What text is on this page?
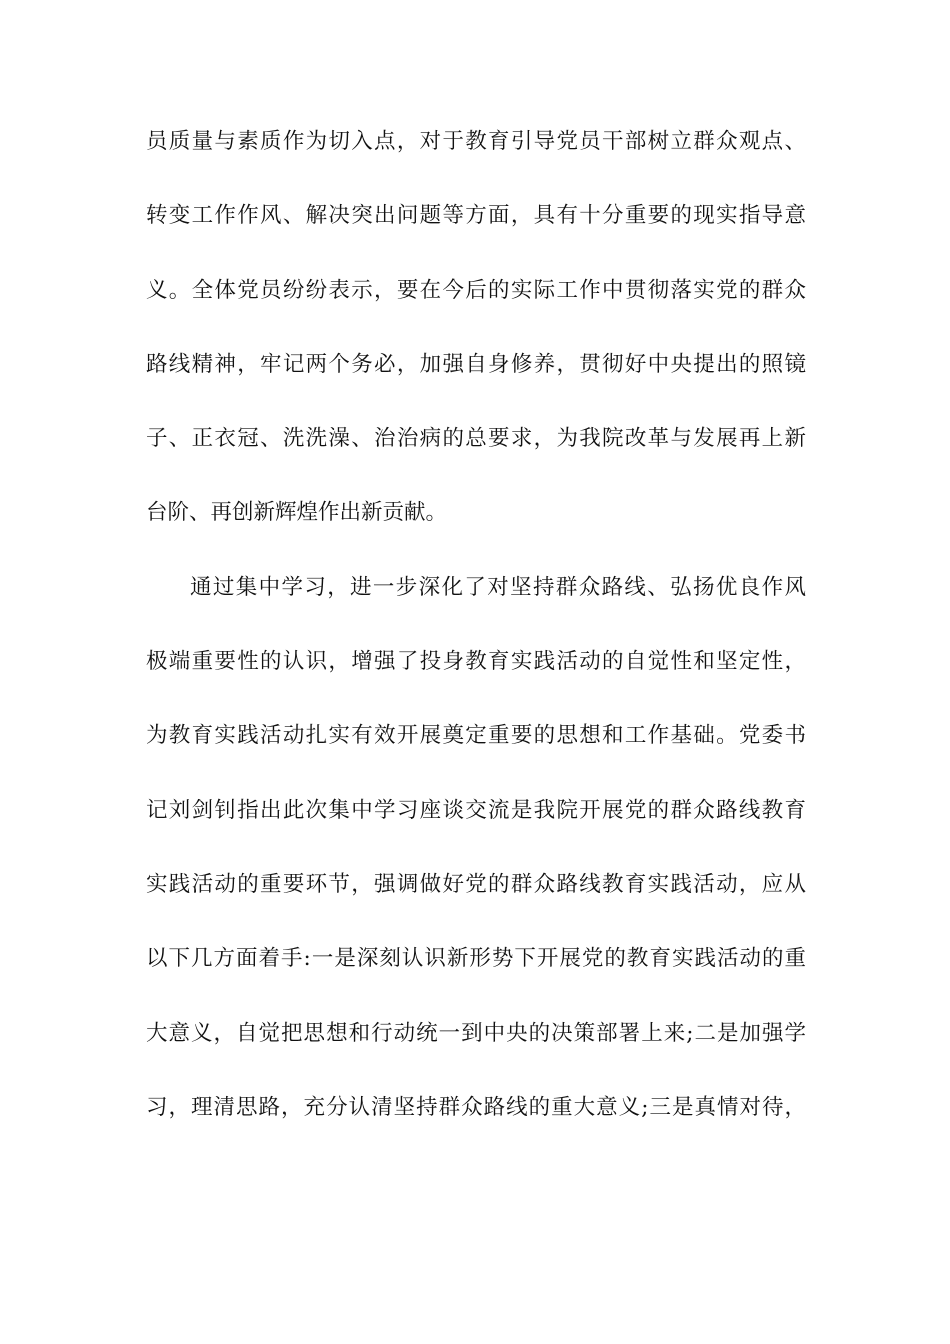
员质量与素质作为切入点，对于教育引导党员干部树立群众观点、
转变工作作风、解决突出问题等方面，具有十分重要的现实指导意
义。全体党员纷纷表示，要在今后的实际工作中贯彻落实党的群众
路线精神，牢记两个务必，加强自身修养，贯彻好中央提出的照镜
子、正衣冠、洗洗澡、治治病的总要求，为我院改革与发展再上新
台阶、再创新辉煌作出新贡献。
通过集中学习，进一步深化了对坚持群众路线、弘扬优良作风
极端重要性的认识，增强了投身教育实践活动的自觉性和坚定性，
为教育实践活动扎实有效开展奠定重要的思想和工作基础。党委书
记刘剑钊指出此次集中学习座谈交流是我院开展党的群众路线教育
实践活动的重要环节，强调做好党的群众路线教育实践活动，应从
以下几方面着手:一是深刻认识新形势下开展党的教育实践活动的重
大意义，自觉把思想和行动统一到中央的决策部署上来;二是加强学
习，理清思路，充分认清坚持群众路线的重大意义;三是真情对待，
